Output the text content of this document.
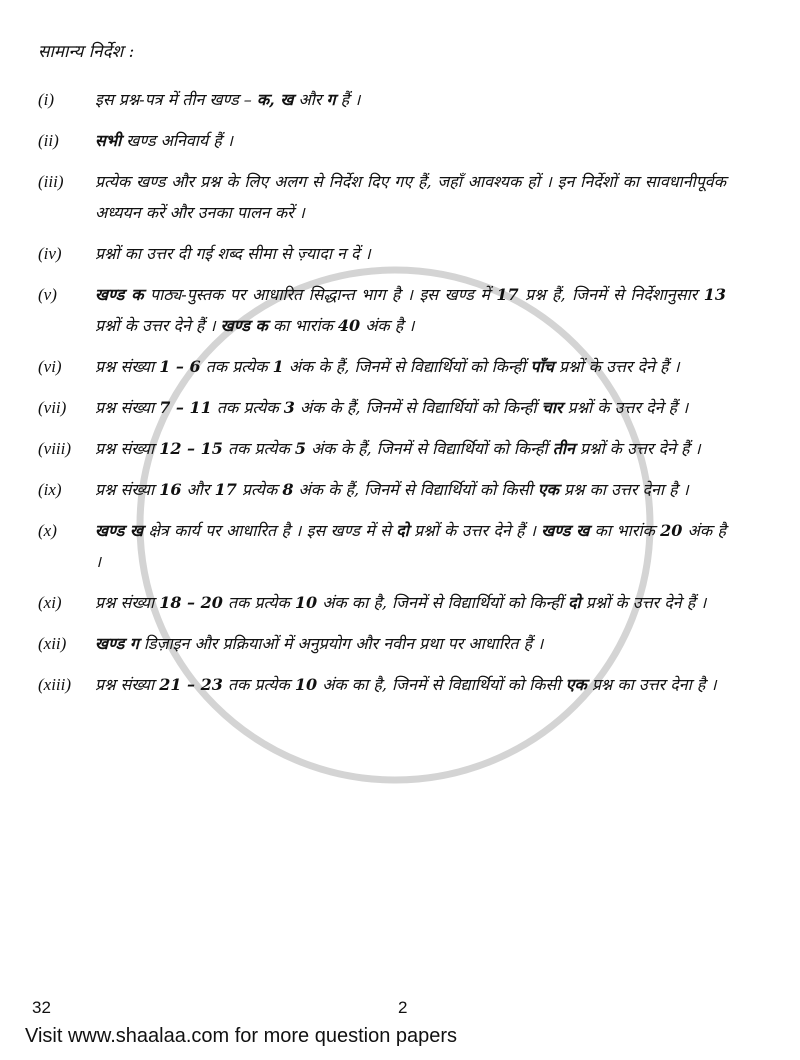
सामान्य निर्देश :
(i)	इस प्रश्न-पत्र में तीन खण्ड – क, ख और ग हैं ।
(ii)	सभी खण्ड अनिवार्य हैं ।
(iii)	प्रत्येक खण्ड और प्रश्न के लिए अलग से निर्देश दिए गए हैं, जहाँ आवश्यक हों । इन निर्देशों का सावधानीपूर्वक अध्ययन करें और उनका पालन करें ।
(iv)	प्रश्नों का उत्तर दी गई शब्द सीमा से ज़्यादा न दें ।
(v)	खण्ड क पाठ्य-पुस्तक पर आधारित सिद्धान्त भाग है । इस खण्ड में 17 प्रश्न हैं, जिनमें से निर्देशानुसार 13 प्रश्नों के उत्तर देने हैं । खण्ड क का भारांक 40 अंक है ।
(vi)	प्रश्न संख्या 1 – 6 तक प्रत्येक 1 अंक के हैं, जिनमें से विद्यार्थियों को किन्हीं पाँच प्रश्नों के उत्तर देने हैं ।
(vii)	प्रश्न संख्या 7 – 11 तक प्रत्येक 3 अंक के हैं, जिनमें से विद्यार्थियों को किन्हीं चार प्रश्नों के उत्तर देने हैं ।
(viii)	प्रश्न संख्या 12 – 15 तक प्रत्येक 5 अंक के हैं, जिनमें से विद्यार्थियों को किन्हीं तीन प्रश्नों के उत्तर देने हैं ।
(ix)	प्रश्न संख्या 16 और 17 प्रत्येक 8 अंक के हैं, जिनमें से विद्यार्थियों को किसी एक प्रश्न का उत्तर देना है ।
(x)	खण्ड ख क्षेत्र कार्य पर आधारित है । इस खण्ड में से दो प्रश्नों के उत्तर देने हैं । खण्ड ख का भारांक 20 अंक है ।
(xi)	प्रश्न संख्या 18 – 20 तक प्रत्येक 10 अंक का है, जिनमें से विद्यार्थियों को किन्हीं दो प्रश्नों के उत्तर देने हैं ।
(xii)	खण्ड ग डिज़ाइन और प्रक्रियाओं में अनुप्रयोग और नवीन प्रथा पर आधारित हैं ।
(xiii)	प्रश्न संख्या 21 – 23 तक प्रत्येक 10 अंक का है, जिनमें से विद्यार्थियों को किसी एक प्रश्न का उत्तर देना है ।
32	2
Visit www.shaalaa.com for more question papers
